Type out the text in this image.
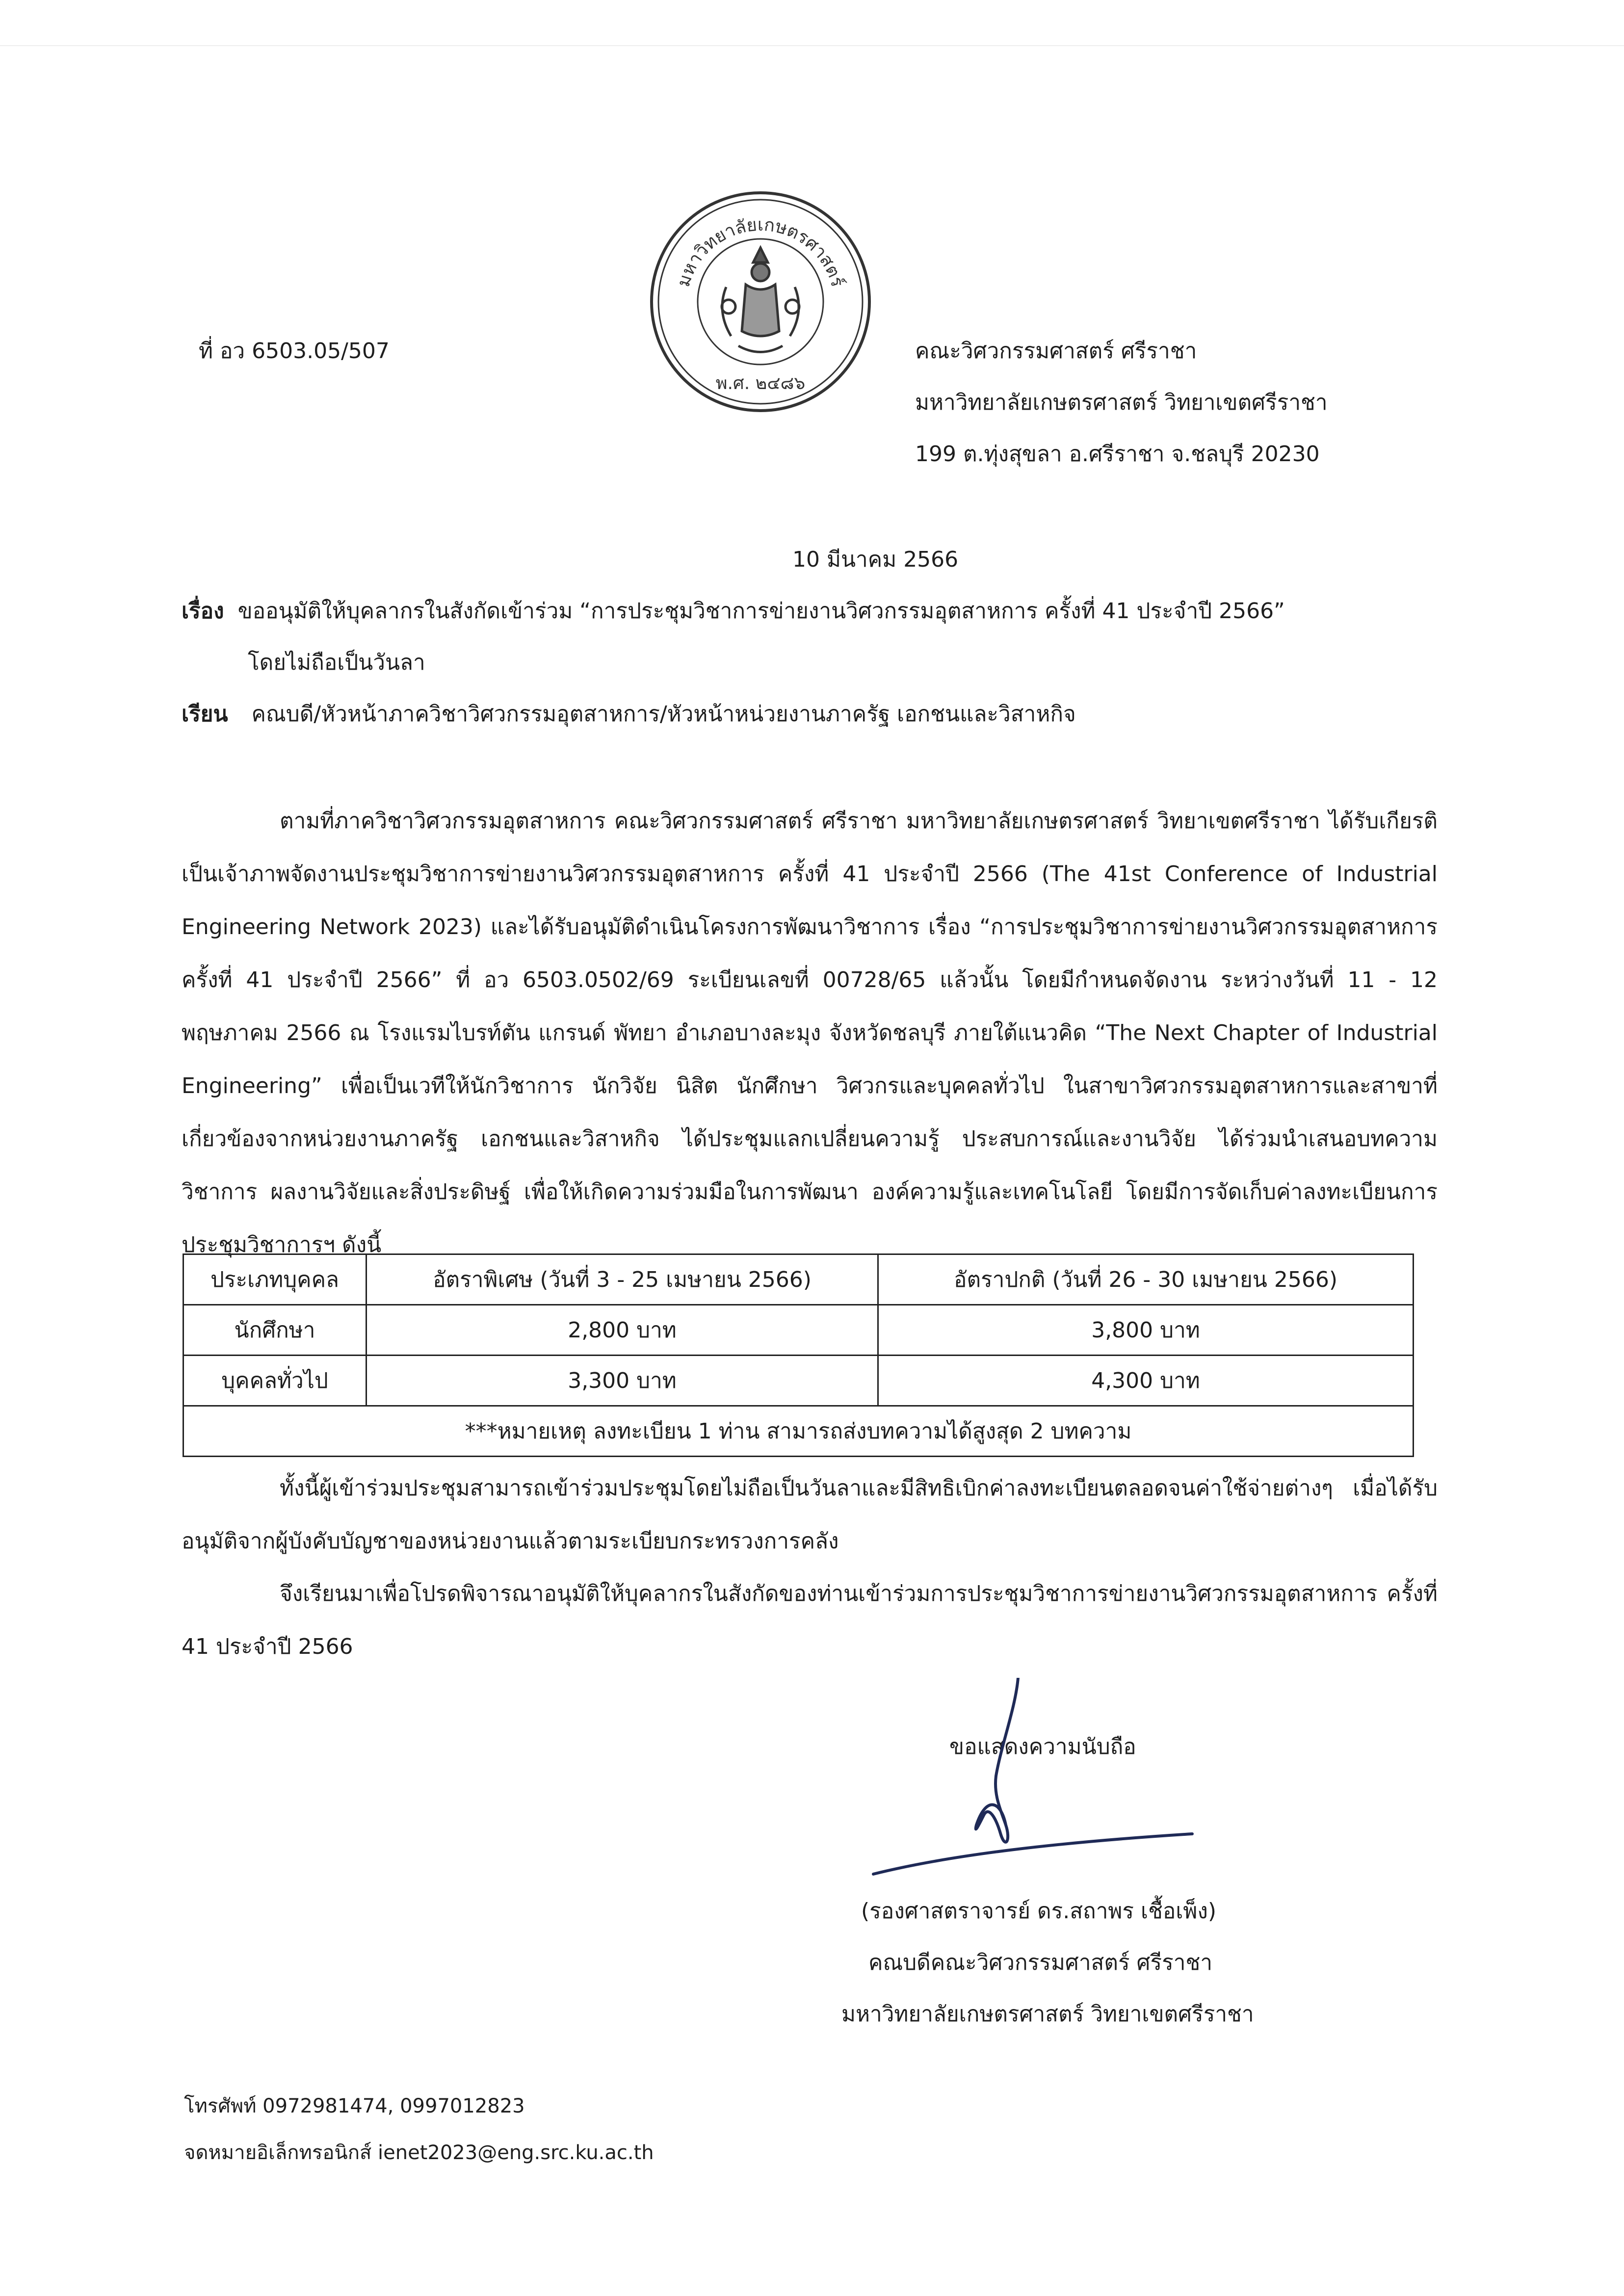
มหาวิทยาลัยเกษตรศาสตร์
พ.ศ. ๒๔๘๖
ที่ อว 6503.05/507	คณะวิศวกรรมศาสตร์ ศรีราชา
มหาวิทยาลัยเกษตรศาสตร์ วิทยาเขตศรีราชา
199 ต.ทุ่งสุขลา อ.ศรีราชา จ.ชลบุรี 20230
10 มีนาคม 2566
เรื่อง ขออนุมัติให้บุคลากรในสังกัดเข้าร่วม “การประชุมวิชาการข่ายงานวิศวกรรมอุตสาหการ ครั้งที่ 41 ประจำปี 2566”
โดยไม่ถือเป็นวันลา
เรียน คณบดี/หัวหน้าภาควิชาวิศวกรรมอุตสาหการ/หัวหน้าหน่วยงานภาครัฐ เอกชนและวิสาหกิจ
ตามที่ภาควิชาวิศวกรรมอุตสาหการ คณะวิศวกรรมศาสตร์ ศรีราชา มหาวิทยาลัยเกษตรศาสตร์ วิทยาเขตศรีราชา ได้รับเกียรติเป็นเจ้าภาพจัดงานประชุมวิชาการข่ายงานวิศวกรรมอุตสาหการ ครั้งที่ 41 ประจำปี 2566 (The 41st Conference of Industrial Engineering Network 2023) และได้รับอนุมัติดำเนินโครงการพัฒนาวิชาการ เรื่อง “การประชุมวิชาการข่ายงานวิศวกรรมอุตสาหการ ครั้งที่ 41 ประจำปี 2566” ที่ อว 6503.0502/69 ระเบียนเลขที่ 00728/65 แล้วนั้น โดยมีกำหนดจัดงาน ระหว่างวันที่ 11 - 12 พฤษภาคม 2566 ณ โรงแรมไบรท์ตัน แกรนด์ พัทยา อำเภอบางละมุง จังหวัดชลบุรี ภายใต้แนวคิด “The Next Chapter of Industrial Engineering” เพื่อเป็นเวทีให้นักวิชาการ นักวิจัย นิสิต นักศึกษา วิศวกรและบุคคลทั่วไป ในสาขาวิศวกรรมอุตสาหการและสาขาที่เกี่ยวข้องจากหน่วยงานภาครัฐ เอกชนและวิสาหกิจ ได้ประชุมแลกเปลี่ยนความรู้ ประสบการณ์และงานวิจัย ได้ร่วมนำเสนอบทความวิชาการ ผลงานวิจัยและสิ่งประดิษฐ์ เพื่อให้เกิดความร่วมมือในการพัฒนา องค์ความรู้และเทคโนโลยี โดยมีการจัดเก็บค่าลงทะเบียนการประชุมวิชาการฯ ดังนี้
ประเภทบุคคล	อัตราพิเศษ (วันที่ 3 - 25 เมษายน 2566)	อัตราปกติ (วันที่ 26 - 30 เมษายน 2566)
นักศึกษา	2,800 บาท	3,800 บาท
บุคคลทั่วไป	3,300 บาท	4,300 บาท
***หมายเหตุ ลงทะเบียน 1 ท่าน สามารถส่งบทความได้สูงสุด 2 บทความ		
ทั้งนี้ผู้เข้าร่วมประชุมสามารถเข้าร่วมประชุมโดยไม่ถือเป็นวันลาและมีสิทธิเบิกค่าลงทะเบียนตลอดจนค่าใช้จ่ายต่างๆ เมื่อได้รับอนุมัติจากผู้บังคับบัญชาของหน่วยงานแล้วตามระเบียบกระทรวงการคลัง
จึงเรียนมาเพื่อโปรดพิจารณาอนุมัติให้บุคลากรในสังกัดของท่านเข้าร่วมการประชุมวิชาการข่ายงานวิศวกรรมอุตสาหการ ครั้งที่ 41 ประจำปี 2566
ขอแสดงความนับถือ
(รองศาสตราจารย์ ดร.สถาพร เชื้อเพ็ง)
คณบดีคณะวิศวกรรมศาสตร์ ศรีราชา
มหาวิทยาลัยเกษตรศาสตร์ วิทยาเขตศรีราชา
โทรศัพท์ 0972981474, 0997012823
จดหมายอิเล็กทรอนิกส์ ienet2023@eng.src.ku.ac.th
